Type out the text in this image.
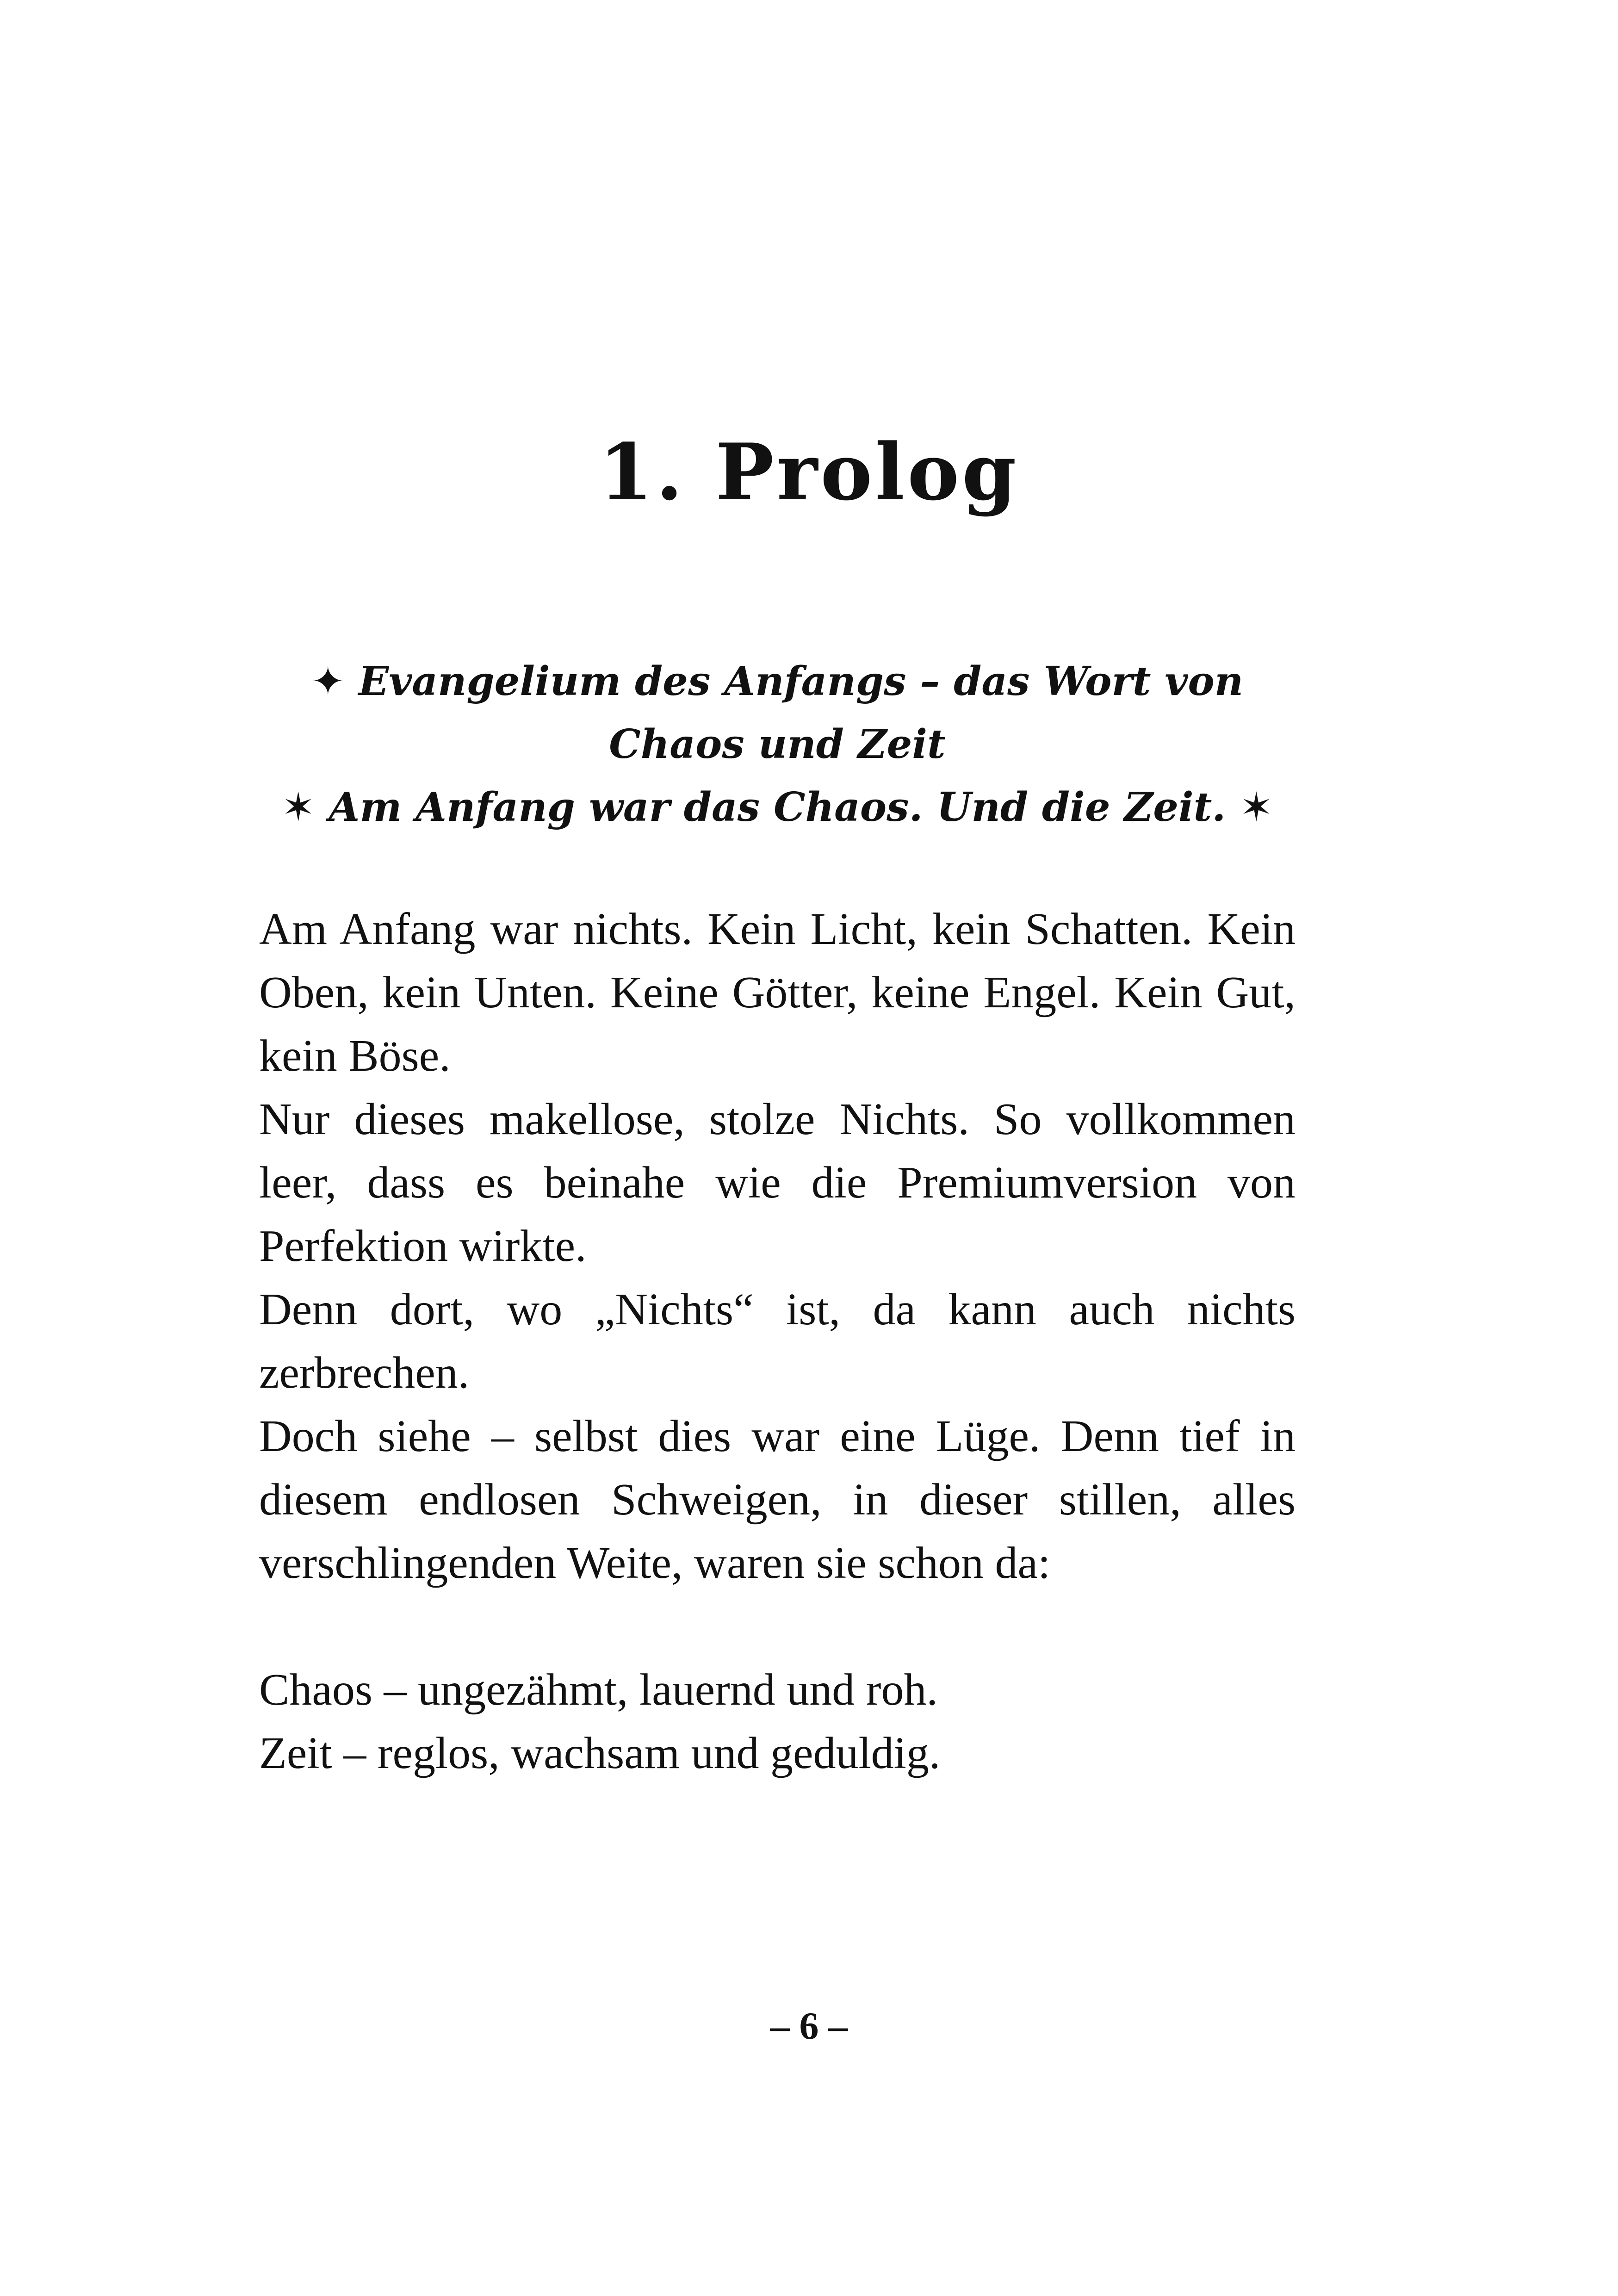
1. Prolog

✦ Evangelium des Anfangs – das Wort von Chaos und Zeit

✶ Am Anfang war das Chaos. Und die Zeit. ✶

Am Anfang war nichts. Kein Licht, kein Schatten. Kein Oben, kein Unten. Keine Götter, keine Engel. Kein Gut, kein Böse.

Nur dieses makellose, stolze Nichts. So vollkommen leer, dass es beinahe wie die Premiumversion von Perfektion wirkte.

Denn dort, wo „Nichts“ ist, da kann auch nichts zerbrechen.

Doch siehe – selbst dies war eine Lüge. Denn tief in diesem endlosen Schweigen, in dieser stillen, alles verschlingenden Weite, waren sie schon da:

Chaos – ungezähmt, lauernd und roh.

Zeit – reglos, wachsam und geduldig.

– 6 –
